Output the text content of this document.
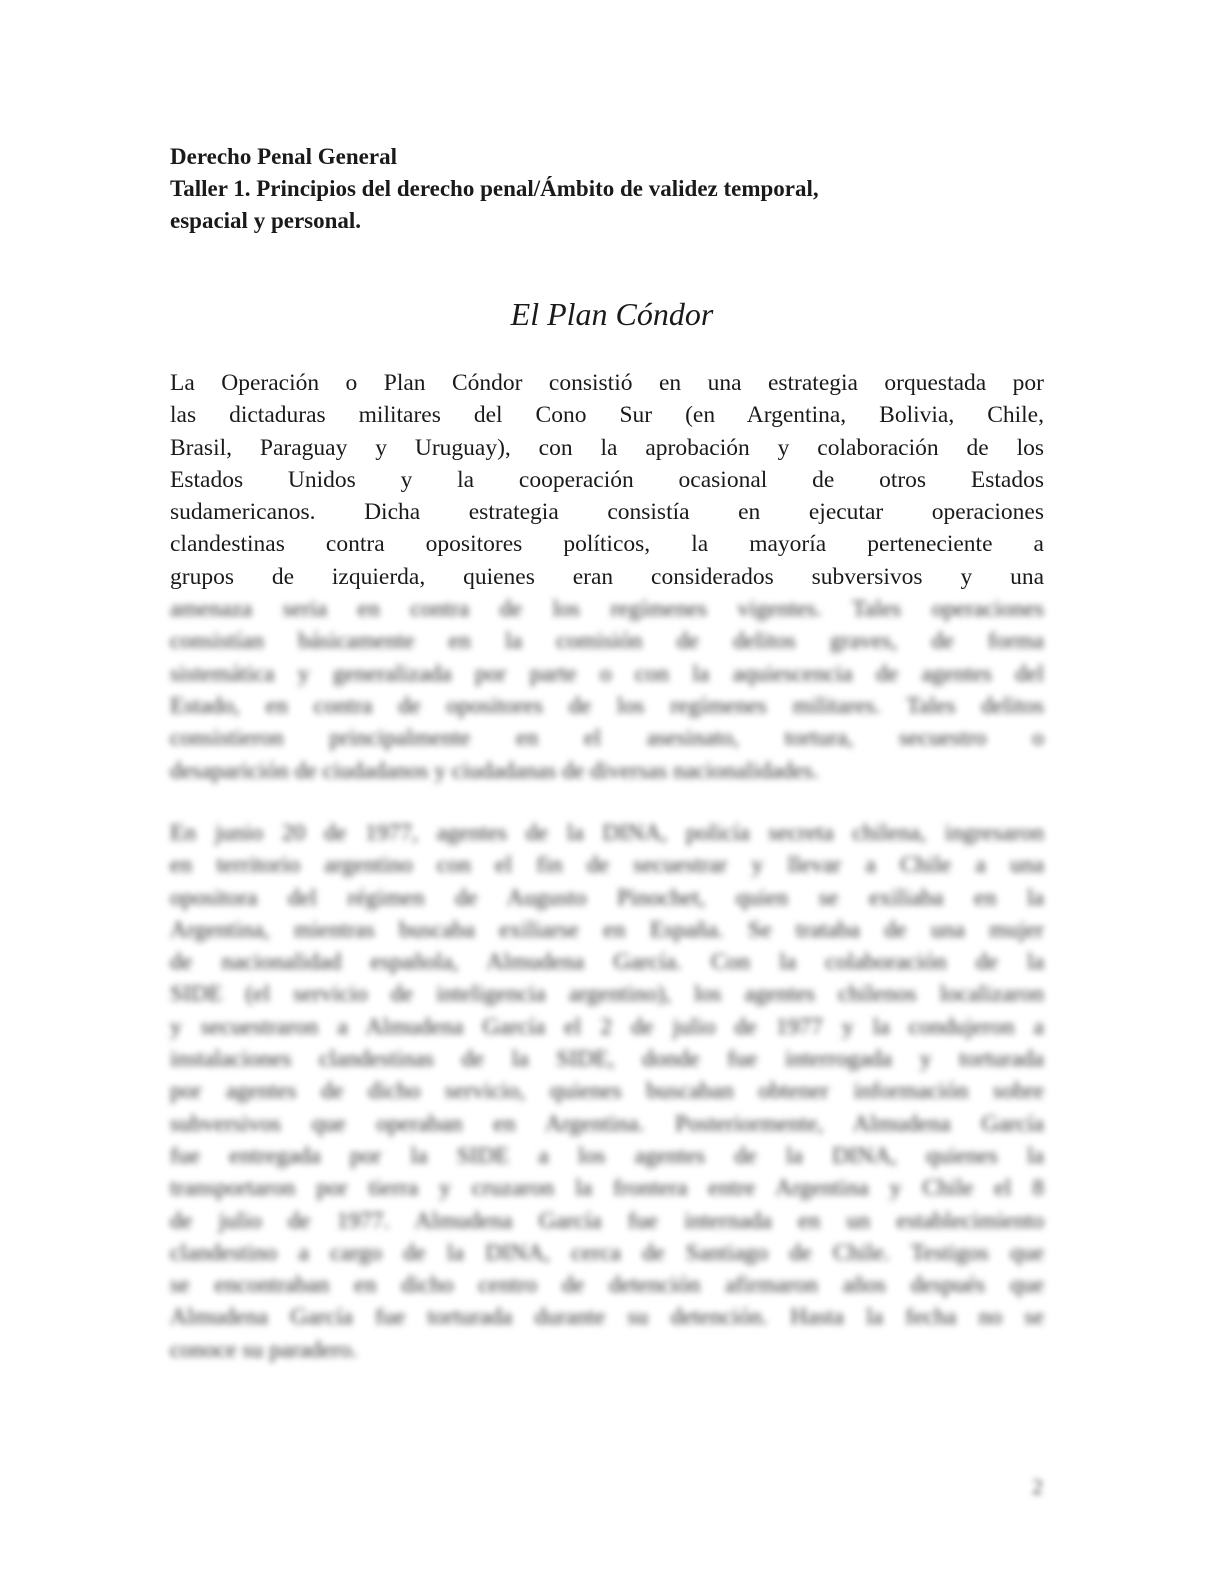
Derecho Penal General
Taller 1. Principios del derecho penal/Ámbito de validez temporal,
espacial y personal.
El Plan Cóndor
La Operación o Plan Cóndor consistió en una estrategia orquestada por
las dictaduras militares del Cono Sur (en Argentina, Bolivia, Chile,
Brasil, Paraguay y Uruguay), con la aprobación y colaboración de los
Estados Unidos y la cooperación ocasional de otros Estados
sudamericanos. Dicha estrategia consistía en ejecutar operaciones
clandestinas contra opositores políticos, la mayoría perteneciente a
grupos de izquierda, quienes eran considerados subversivos y una
amenaza seria en contra de los regímenes vigentes. Tales operaciones
consistían básicamente en la comisión de delitos graves, de forma
sistemática y generalizada por parte o con la aquiescencia de agentes del
Estado, en contra de opositores de los regímenes militares. Tales delitos
consistieron principalmente en el asesinato, tortura, secuestro o
desaparición de ciudadanos y ciudadanas de diversas nacionalidades.
En junio 20 de 1977, agentes de la DINA, policía secreta chilena, ingresaron
en territorio argentino con el fin de secuestrar y llevar a Chile a una
opositora del régimen de Augusto Pinochet, quien se exiliaba en la
Argentina, mientras buscaba exiliarse en España. Se trataba de una mujer
de nacionalidad española, Almudena García. Con la colaboración de la
SIDE (el servicio de inteligencia argentino), los agentes chilenos localizaron
y secuestraron a Almudena García el 2 de julio de 1977 y la condujeron a
instalaciones clandestinas de la SIDE, donde fue interrogada y torturada
por agentes de dicho servicio, quienes buscaban obtener información sobre
subversivos que operaban en Argentina. Posteriormente, Almudena García
fue entregada por la SIDE a los agentes de la DINA, quienes la
transportaron por tierra y cruzaron la frontera entre Argentina y Chile el 8
de julio de 1977. Almudena García fue internada en un establecimiento
clandestino a cargo de la DINA, cerca de Santiago de Chile. Testigos que
se encontraban en dicho centro de detención afirmaron años después que
Almudena García fue torturada durante su detención. Hasta la fecha no se
conoce su paradero.
2
